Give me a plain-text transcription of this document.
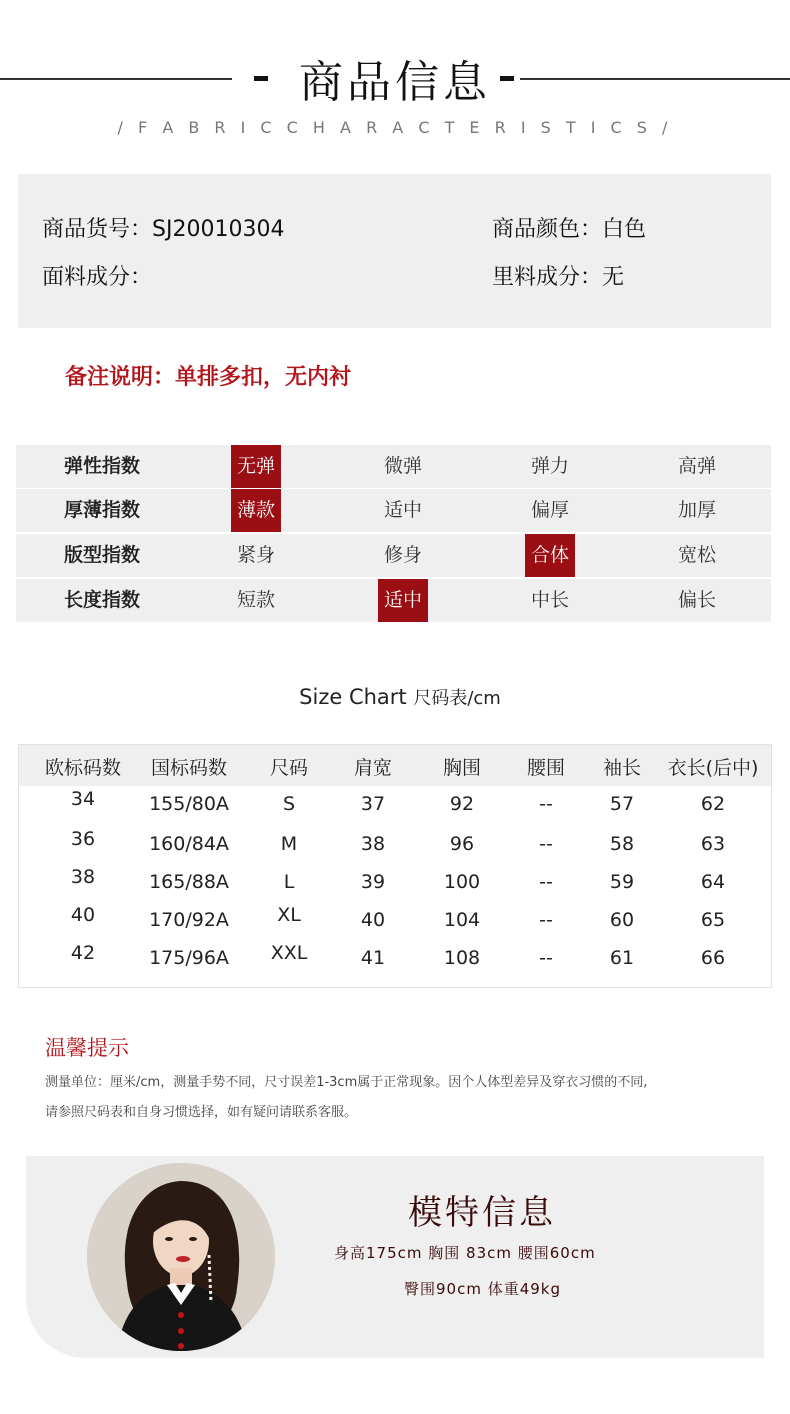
商品信息
/ F A B R I C C H A R A C T E R I S T I C S /
商品货号：SJ20010304	商品颜色：白色
面料成分：	里料成分：无
备注说明：单排多扣，无内衬
弹性指数	无弹	微弹	弹力	高弹
厚薄指数	薄款	适中	偏厚	加厚
版型指数	紧身	修身	合体	宽松
长度指数	短款	适中	中长	偏长
Size Chart 尺码表/cm
欧标码数	国标码数	尺码	肩宽	胸围	腰围	袖长	衣长(后中)
34	155/80A	S	37	92	--	57	62
36	160/84A	M	38	96	--	58	63
38	165/88A	L	39	100	--	59	64
40	170/92A	XL	40	104	--	60	65
42	175/96A	XXL	41	108	--	61	66
温馨提示
测量单位：厘米/cm，测量手势不同，尺寸误差1-3cm属于正常现象。因个人体型差异及穿衣习惯的不同,
请参照尺码表和自身习惯选择，如有疑问请联系客服。
模特信息
身高175cm 胸围 83cm 腰围60cm
臀围90cm 体重49kg
